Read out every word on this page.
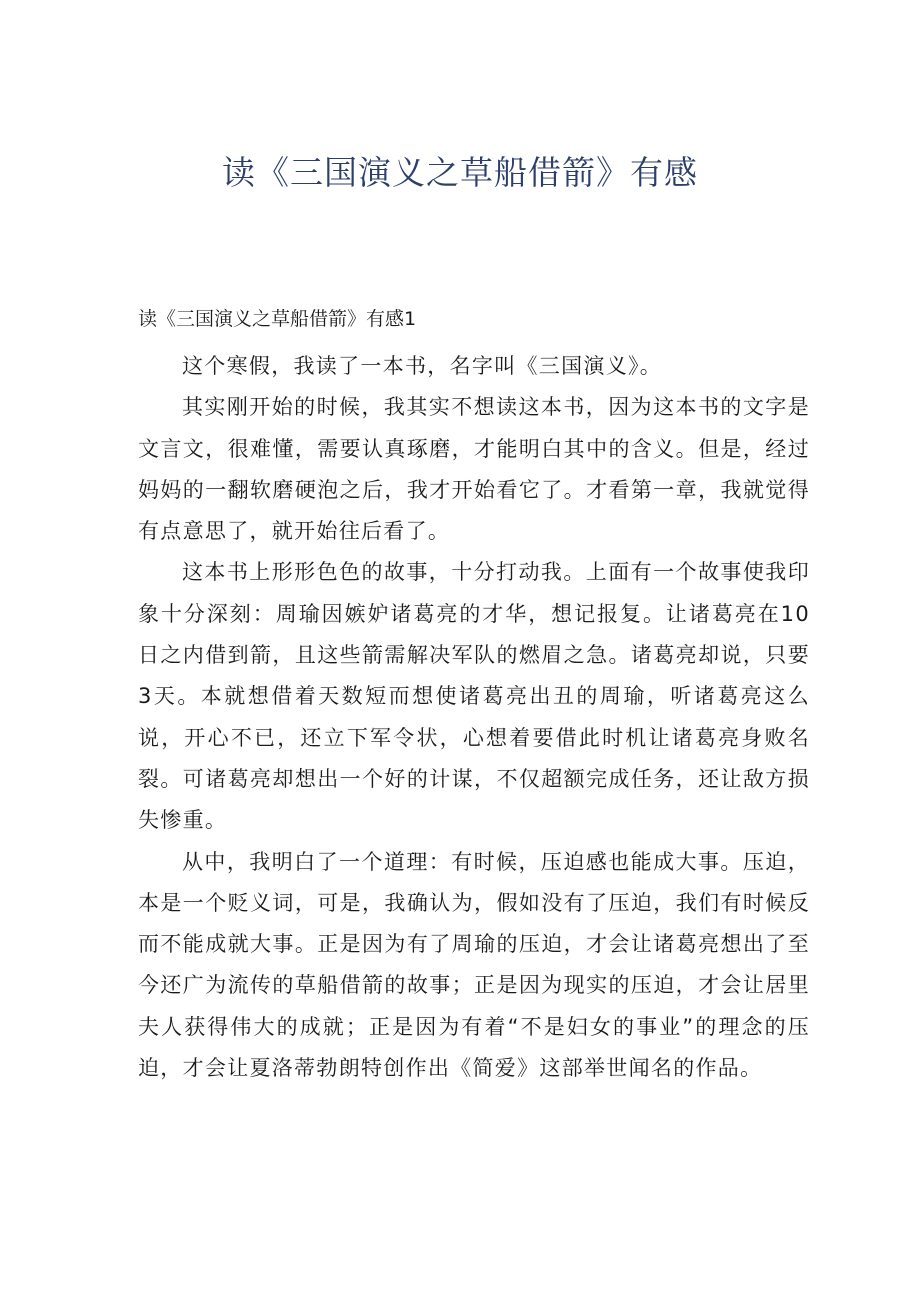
读《三国演义之草船借箭》有感
读《三国演义之草船借箭》有感1

这个寒假，我读了一本书，名字叫《三国演义》。

其实刚开始的时候，我其实不想读这本书，因为这本书的文字是文言文，很难懂，需要认真琢磨，才能明白其中的含义。但是，经过妈妈的一翻软磨硬泡之后，我才开始看它了。才看第一章，我就觉得有点意思了，就开始往后看了。

这本书上形形色色的故事，十分打动我。上面有一个故事使我印象十分深刻：周瑜因嫉妒诸葛亮的才华，想记报复。让诸葛亮在10日之内借到箭，且这些箭需解决军队的燃眉之急。诸葛亮却说，只要3天。本就想借着天数短而想使诸葛亮出丑的周瑜，听诸葛亮这么说，开心不已，还立下军令状，心想着要借此时机让诸葛亮身败名裂。可诸葛亮却想出一个好的计谋，不仅超额完成任务，还让敌方损失惨重。

从中，我明白了一个道理：有时候，压迫感也能成大事。压迫，本是一个贬义词，可是，我确认为，假如没有了压迫，我们有时候反而不能成就大事。正是因为有了周瑜的压迫，才会让诸葛亮想出了至今还广为流传的草船借箭的故事；正是因为现实的压迫，才会让居里夫人获得伟大的成就；正是因为有着“不是妇女的事业”的理念的压迫，才会让夏洛蒂勃朗特创作出《简爱》这部举世闻名的作品。
